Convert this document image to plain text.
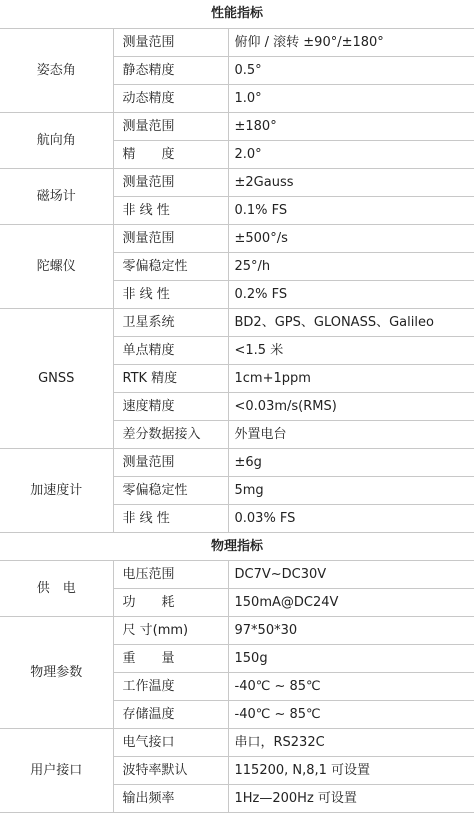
性能指标		
姿态角	测量范围	俯仰 / 滚转 ±90°/±180°
	静态精度	0.5°
	动态精度	1.0°
航向角	测量范围	±180°
	精　　度	2.0°
磁场计	测量范围	±2Gauss
	非 线 性	0.1% FS
陀螺仪	测量范围	±500°/s
	零偏稳定性	25°/h
	非 线 性	0.2% FS
GNSS	卫星系统	BD2、GPS、GLONASS、Galileo
	单点精度	<1.5 米
	RTK 精度	1cm+1ppm
	速度精度	<0.03m/s(RMS)
	差分数据接入	外置电台
加速度计	测量范围	±6g
	零偏稳定性	5mg
	非 线 性	0.03% FS
物理指标		
供　电	电压范围	DC7V~DC30V
	功　　耗	150mA@DC24V
物理参数	尺 寸(mm)	97*50*30
	重　　量	150g
	工作温度	-40℃ ~ 85℃
	存储温度	-40℃ ~ 85℃
用户接口	电气接口	串口，RS232C
	波特率默认	115200, N,8,1 可设置
	输出频率	1Hz—200Hz 可设置
